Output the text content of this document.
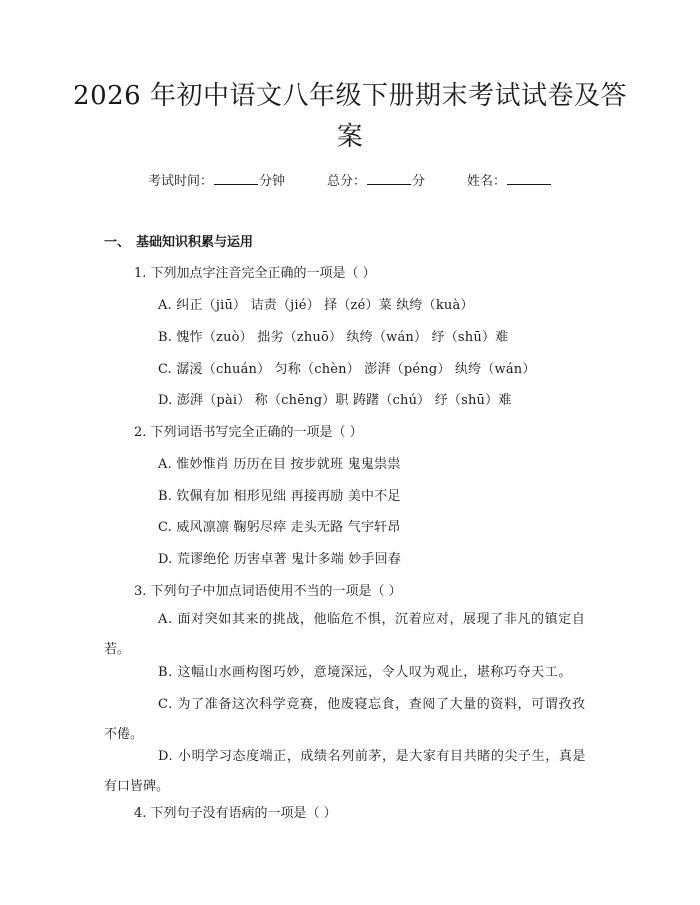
2026 年初中语文八年级下册期末考试试卷及答案
考试时间：	分钟	总分：	分	姓名：
一、 基础知识积累与运用
1. 下列加点字注音完全正确的一项是（ ）
A. 纠正（jiū） 诘责（jié） 择（zé）菜 纨绔（kuà）
B. 愧怍（zuò） 拙劣（zhuō） 纨绔（wán） 纾（shū）难
C. 潺湲（chuán） 匀称（chèn） 澎湃（péng） 纨绔（wán）
D. 澎湃（pài） 称（chēng）职 踌躇（chú） 纾（shū）难
2. 下列词语书写完全正确的一项是（ ）
A. 惟妙惟肖 历历在目 按步就班 鬼鬼祟祟
B. 钦佩有加 相形见绌 再接再励 美中不足
C. 威风凛凛 鞠躬尽瘁 走头无路 气宇轩昂
D. 荒谬绝伦 历害卓著 鬼计多端 妙手回春
3. 下列句子中加点词语使用不当的一项是（ ）
A. 面对突如其来的挑战，他临危不惧，沉着应对，展现了非凡的镇定自
若。
B. 这幅山水画构图巧妙，意境深远，令人叹为观止，堪称巧夺天工。
C. 为了准备这次科学竞赛，他废寝忘食，查阅了大量的资料，可谓孜孜
不倦。
D. 小明学习态度端正，成绩名列前茅，是大家有目共睹的尖子生，真是
有口皆碑。
4. 下列句子没有语病的一项是（ ）
